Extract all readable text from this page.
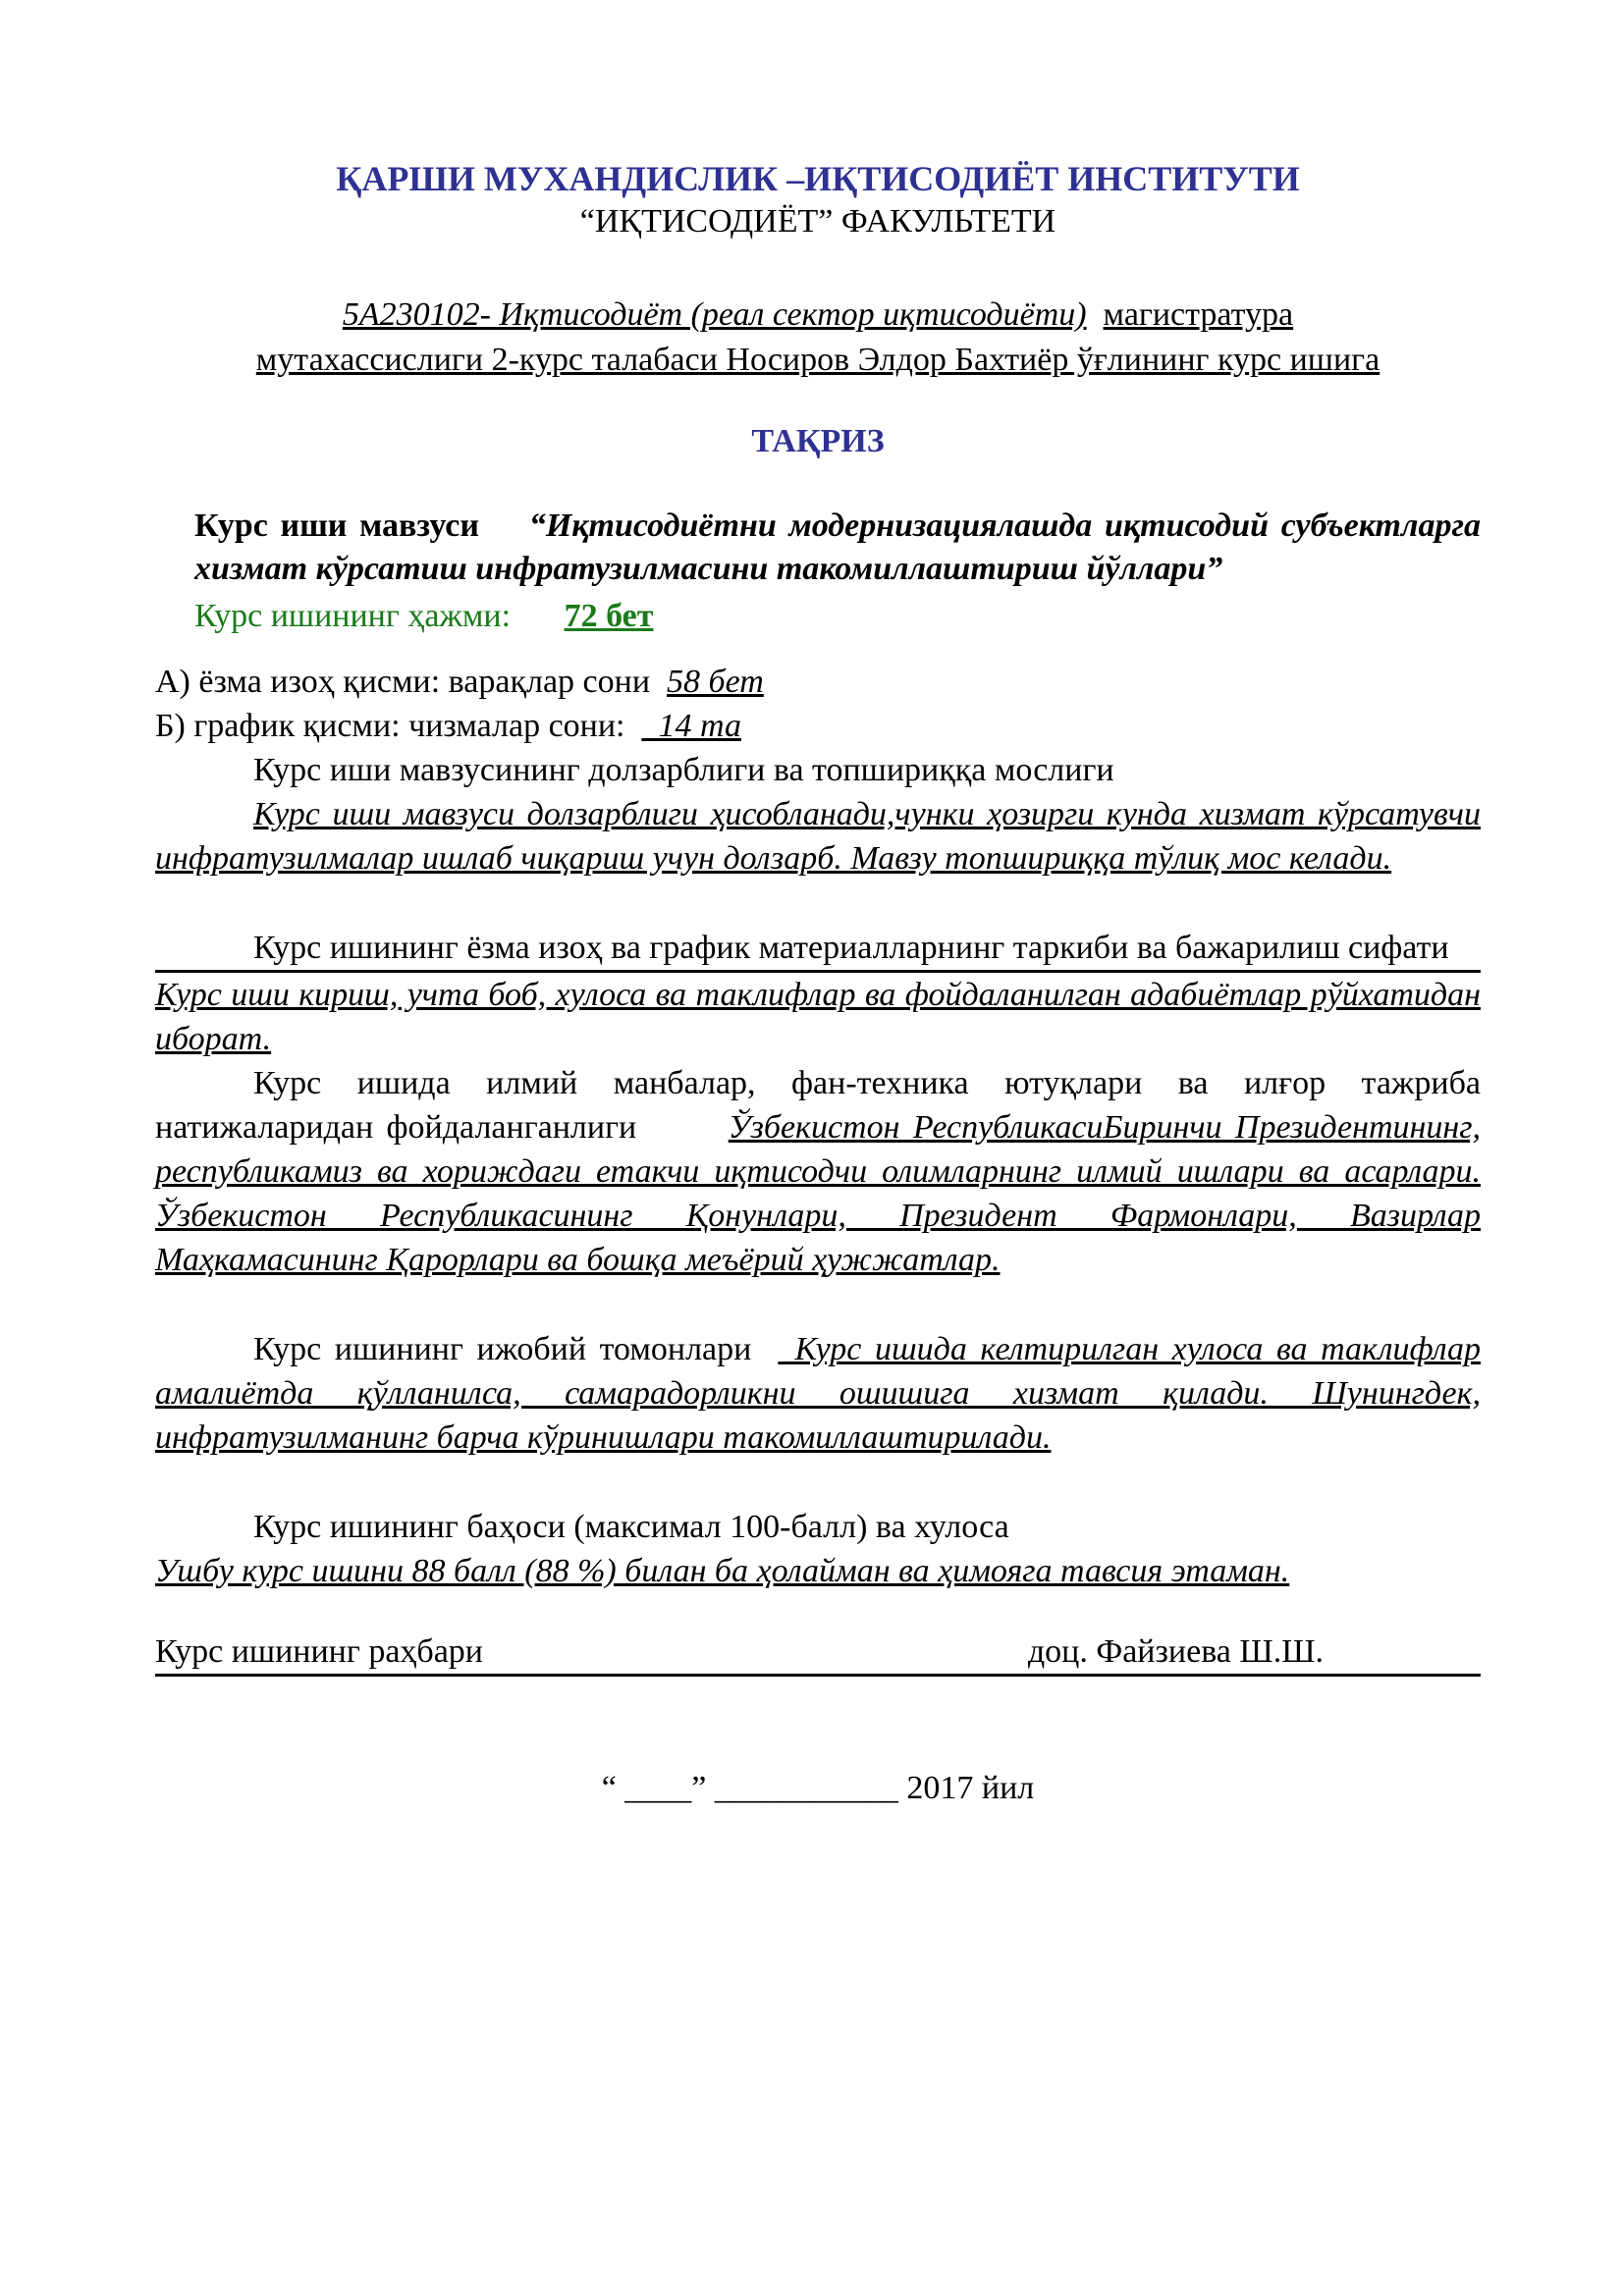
ҚАРШИ МУХАНДИСЛИК –ИҚТИСОДИЁТ ИНСТИТУТИ
“ИҚТИСОДИЁТ” ФАКУЛЬТЕТИ
5А230102- Иқтисодиёт (реал сектор иқтисодиёти) магистратура
мутахассислиги 2-курс талабаси Носиров Элдор Бахтиёр ўғлининг курс ишига
ТАҚРИЗ
Курс иши мавзуси “Иқтисодиётни модернизациялашда иқтисодий субъектларга хизмат кўрсатиш инфратузилмасини такомиллаштириш йўллари”
Курс ишининг ҳажми: 72 бет
А) ёзма изоҳ қисми: варақлар сони 58 бет
Б) график қисми: чизмалар сони: _14 та
Курс иши мавзусининг долзарблиги ва топшириққа мослиги
Курс иши мавзуси долзарблиги ҳисобланади,чунки ҳозирги кунда хизмат кўрсатувчи инфратузилмалар ишлаб чиқариш учун долзарб. Мавзу топшириққа тўлиқ мос келади.
Курс ишининг ёзма изоҳ ва график материалларнинг таркиби ва бажарилиш сифати
Курс иши кириш, учта боб, хулоса ва таклифлар ва фойдаланилган адабиётлар рўйхатидан иборат.
Курс ишида илмий манбалар, фан-техника ютуқлари ва илғор тажриба натижаларидан фойдаланганлиги	Ўзбекистон РеспубликасиБиринчи Президентининг, республикамиз ва хориждаги етакчи иқтисодчи олимларнинг илмий ишлари ва асарлари. Ўзбекистон Республикасининг Қонунлари, Президент Фармонлари, Вазирлар Маҳкамасининг Қарорлари ва бошқа меъёрий ҳужжатлар.
Курс ишининг ижобий томонлари _Курс ишида келтирилган хулоса ва таклифлар амалиётда қўлланилса, самарадорликни ошишига хизмат қилади. Шунингдек, инфратузилманинг барча кўринишлари такомиллаштирилади.
Курс ишининг баҳоси (максимал 100-балл) ва хулоса
Ушбу курс ишини 88 балл (88 %) билан ба ҳолайман ва ҳимояга тавсия этаман.
Курс ишининг раҳбари	доц. Файзиева Ш.Ш.
“ ____” ___________ 2017 йил
